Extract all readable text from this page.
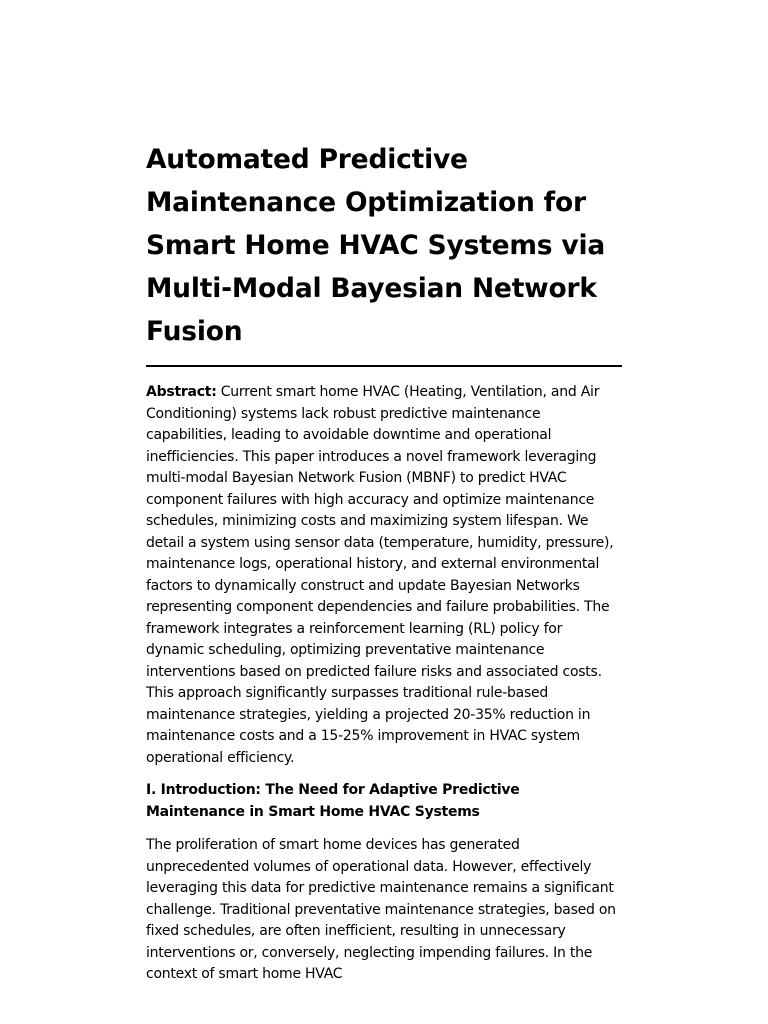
Automated Predictive Maintenance Optimization for Smart Home HVAC Systems via Multi-Modal Bayesian Network Fusion
Abstract: Current smart home HVAC (Heating, Ventilation, and Air Conditioning) systems lack robust predictive maintenance capabilities, leading to avoidable downtime and operational inefficiencies. This paper introduces a novel framework leveraging multi-modal Bayesian Network Fusion (MBNF) to predict HVAC component failures with high accuracy and optimize maintenance schedules, minimizing costs and maximizing system lifespan. We detail a system using sensor data (temperature, humidity, pressure), maintenance logs, operational history, and external environmental factors to dynamically construct and update Bayesian Networks representing component dependencies and failure probabilities. The framework integrates a reinforcement learning (RL) policy for dynamic scheduling, optimizing preventative maintenance interventions based on predicted failure risks and associated costs. This approach significantly surpasses traditional rule-based maintenance strategies, yielding a projected 20-35% reduction in maintenance costs and a 15-25% improvement in HVAC system operational efficiency.
I. Introduction: The Need for Adaptive Predictive Maintenance in Smart Home HVAC Systems
The proliferation of smart home devices has generated unprecedented volumes of operational data. However, effectively leveraging this data for predictive maintenance remains a significant challenge. Traditional preventative maintenance strategies, based on fixed schedules, are often inefficient, resulting in unnecessary interventions or, conversely, neglecting impending failures. In the context of smart home HVAC
